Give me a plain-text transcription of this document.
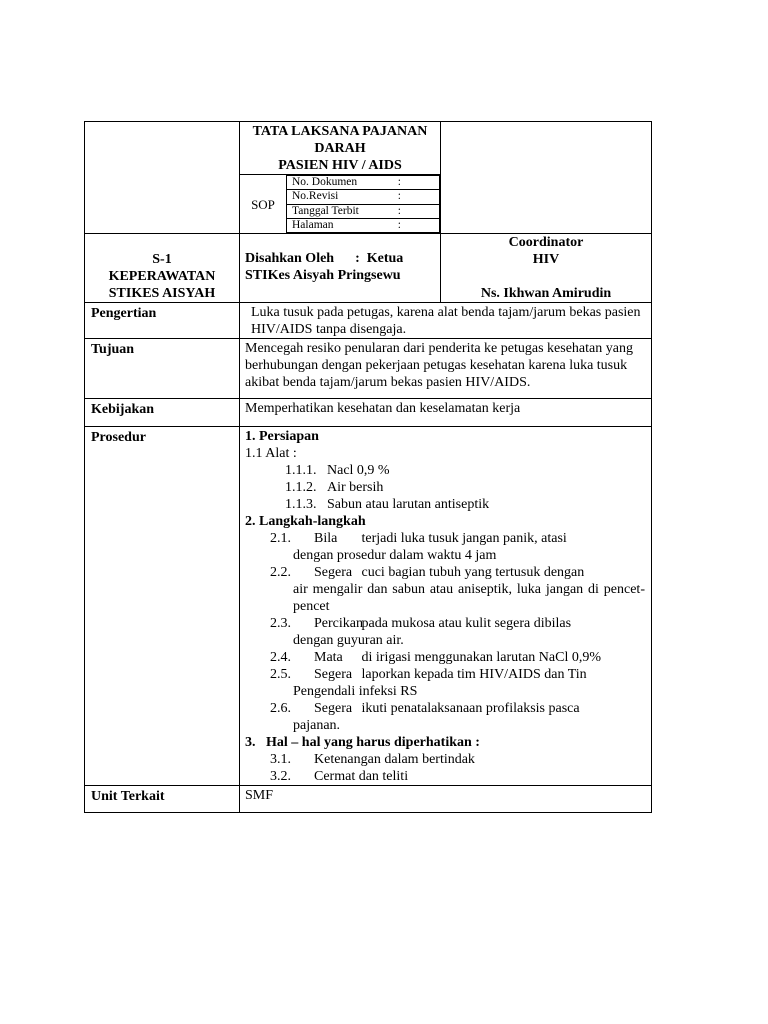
TATA LAKSANA PAJANAN
DARAH
PASIEN HIV / AIDS

SOP
No. Dokumen	:

No.Revisi	:

Tanggal Terbit	:

Halaman	:

S-1
KEPERAWATAN
STIKES AISYAH

Disahkan Oleh      :  Ketua
STIKes Aisyah Pringsewu

Coordinator
HIV
Ns. Ikhwan Amirudin

Pengertian	Luka tusuk pada petugas, karena alat benda tajam/jarum bekas pasien HIV/AIDS tanpa disengaja.
Tujuan	Mencegah resiko penularan dari penderita ke petugas kesehatan yang berhubungan dengan pekerjaan petugas kesehatan karena luka tusuk akibat benda tajam/jarum bekas pasien HIV/AIDS.
Kebijakan	Memperhatikan kesehatan dan keselamatan kerja
Prosedur	1. Persiapan
1.1 Alat :
1.1.1. Nacl 0,9 %
1.1.2. Air bersih
1.1.3. Sabun atau larutan antiseptik
2. Langkah-langkah
2.1.	Bila terjadi luka tusuk jangan panik, atasi
dengan prosedur dalam waktu 4 jam
2.2.	Segera cuci bagian tubuh yang tertusuk dengan
air mengalir dan sabun atau aniseptik, luka jangan di pencet-pencet
2.3.	Percikan pada mukosa atau kulit segera dibilas
dengan guyuran air.
2.4.	Mata di irigasi menggunakan larutan NaCl 0,9%
2.5.	Segera laporkan kepada tim HIV/AIDS dan Tin
Pengendali infeksi RS
2.6.	Segera ikuti penatalaksanaan profilaksis pasca
pajanan.
3.   Hal – hal yang harus diperhatikan :
3.1.	Ketenangan dalam bertindak
3.2.	Cermat dan teliti

Unit Terkait	SMF
